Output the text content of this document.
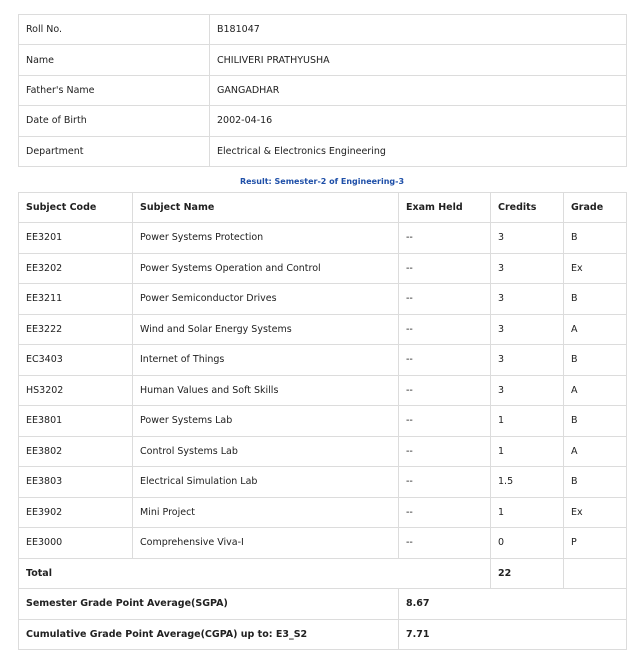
Roll No.	B181047
Name	CHILIVERI PRATHYUSHA
Father's Name	GANGADHAR
Date of Birth	2002-04-16
Department	Electrical & Electronics Engineering
Result: Semester-2 of Engineering-3
Subject Code	Subject Name	Exam Held	Credits	Grade
EE3201	Power Systems Protection	--	3	B
EE3202	Power Systems Operation and Control	--	3	Ex
EE3211	Power Semiconductor Drives	--	3	B
EE3222	Wind and Solar Energy Systems	--	3	A
EC3403	Internet of Things	--	3	B
HS3202	Human Values and Soft Skills	--	3	A
EE3801	Power Systems Lab	--	1	B
EE3802	Control Systems Lab	--	1	A
EE3803	Electrical Simulation Lab	--	1.5	B
EE3902	Mini Project	--	1	Ex
EE3000	Comprehensive Viva-I	--	0	P
Total			22	
Semester Grade Point Average(SGPA)		8.67		
Cumulative Grade Point Average(CGPA) up to: E3_S2		7.71		
